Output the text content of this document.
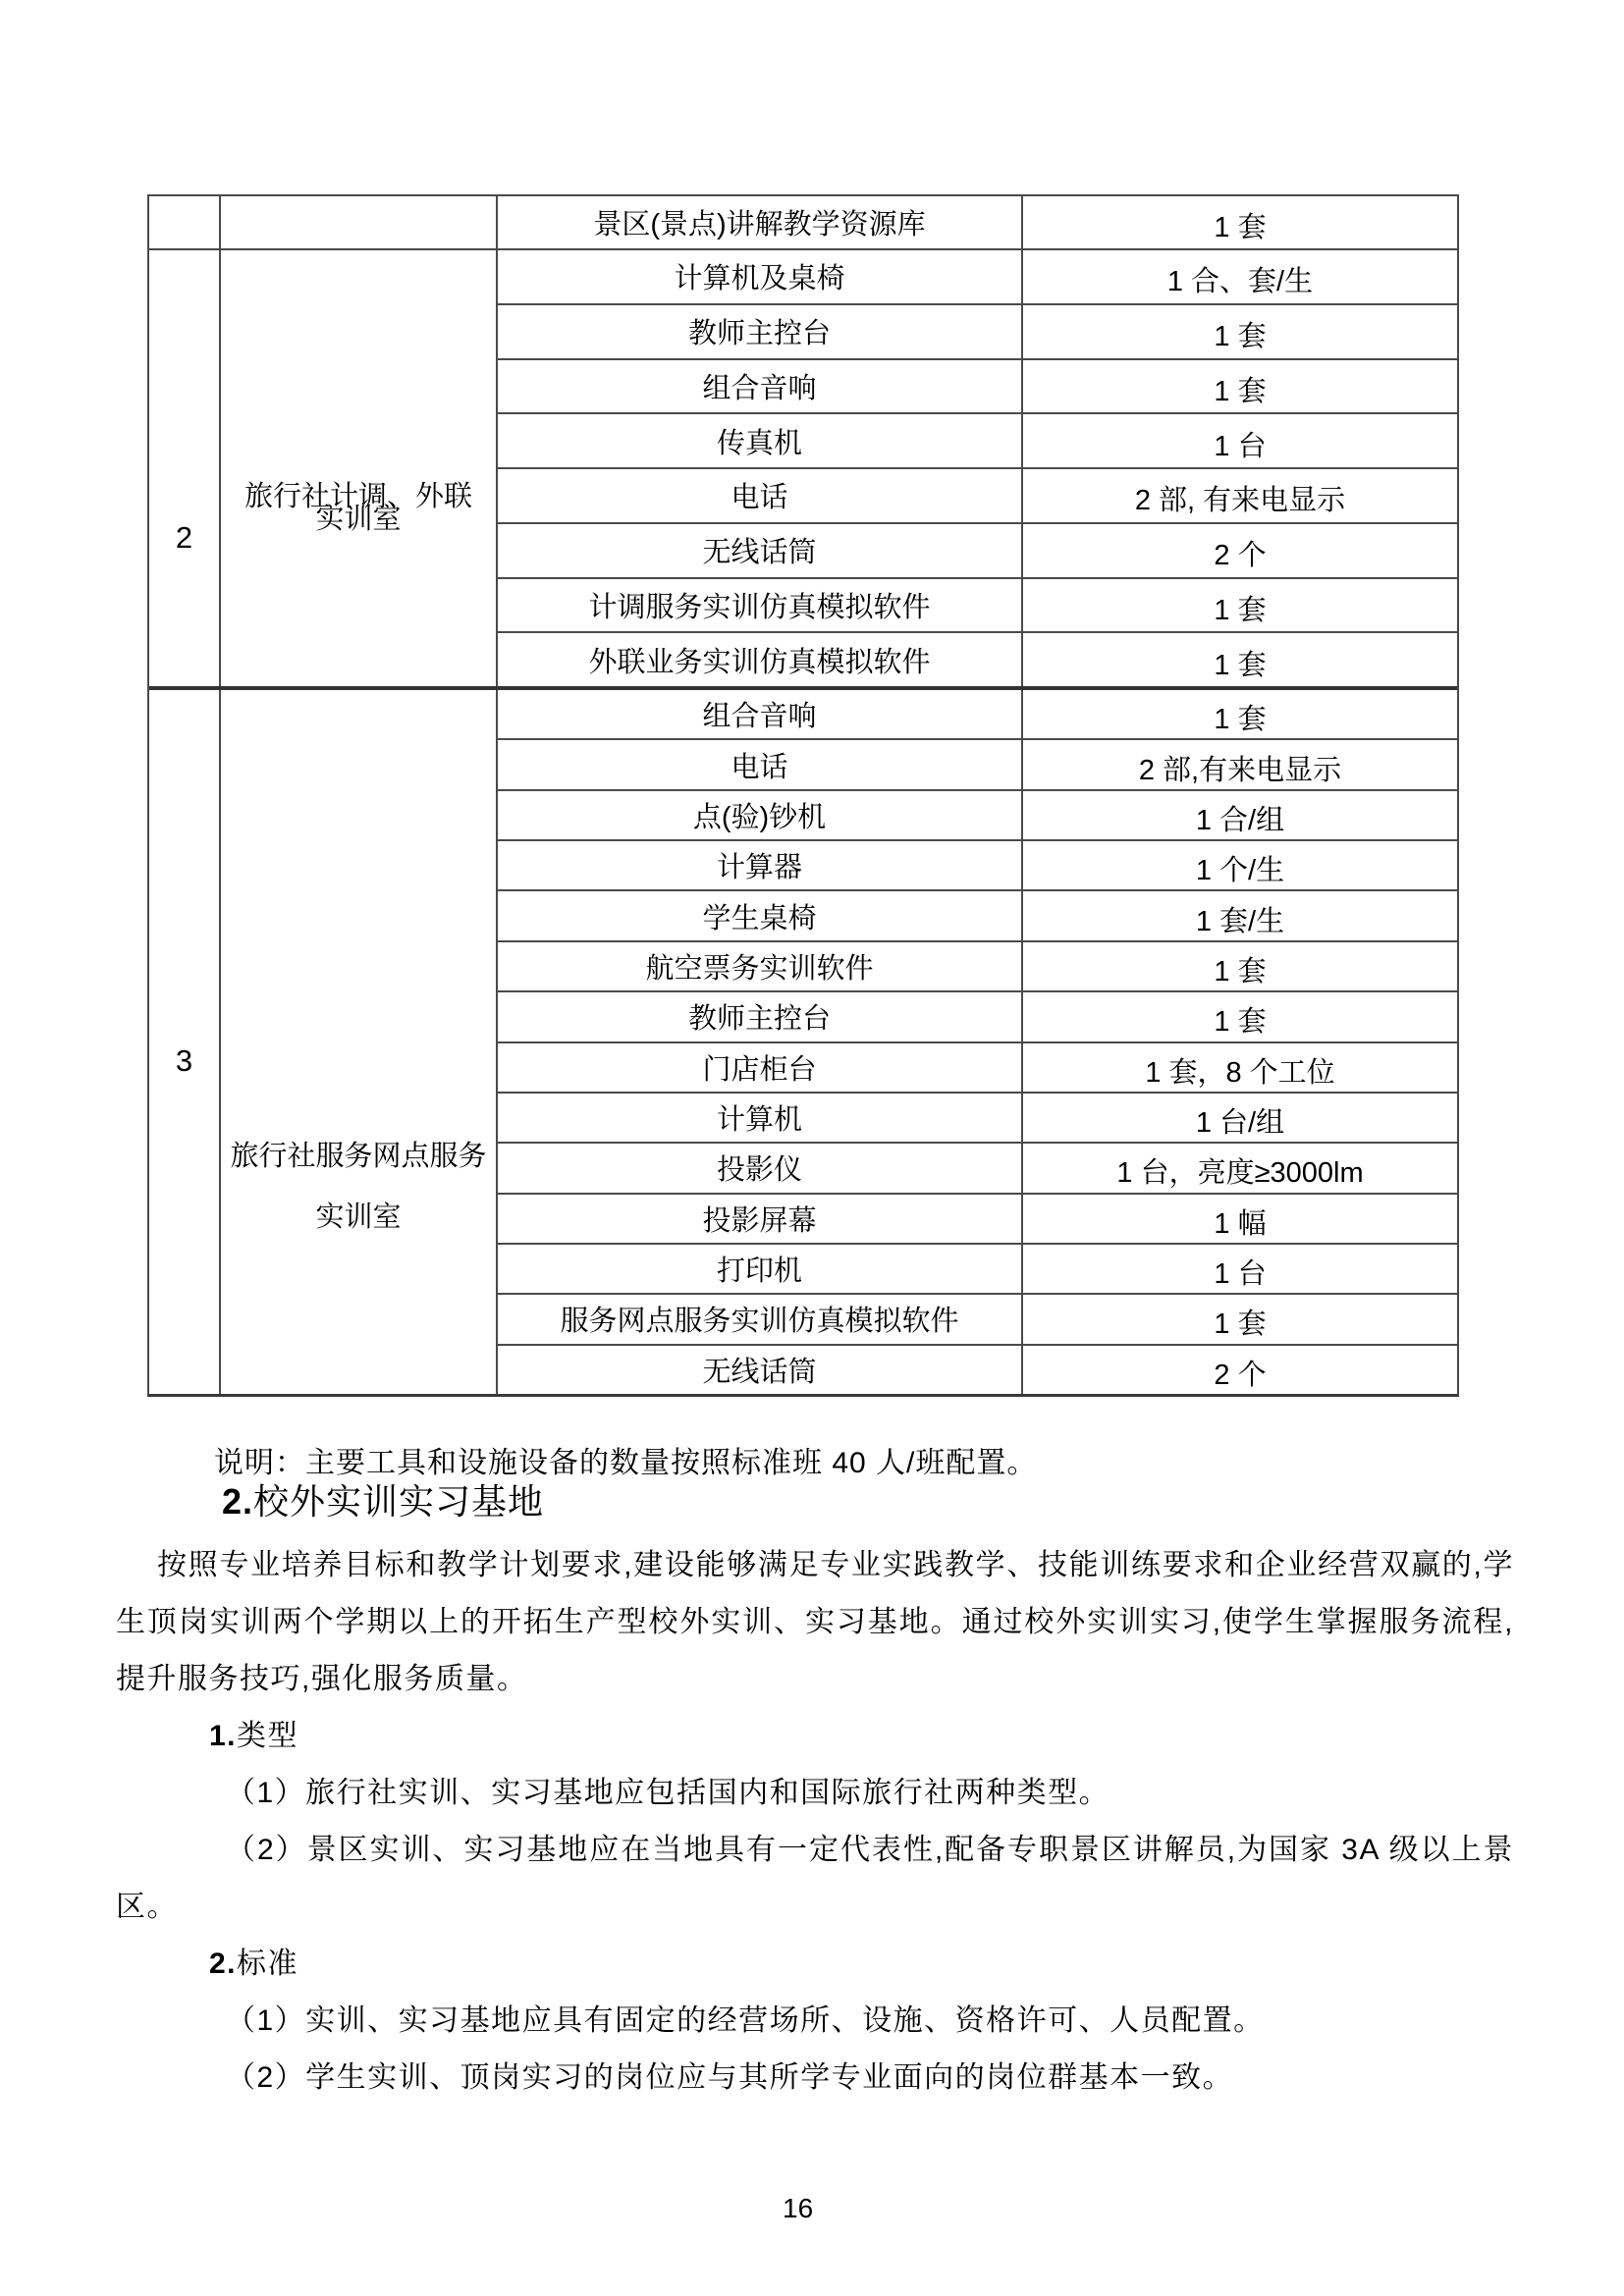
景区(景点)讲解教学资源库	1 套
2
旅行社计调、外联
实训室
计算机及桌椅	1 合、套/生
教师主控台	1 套
组合音响	1 套
传真机	1 台
电话	2 部, 有来电显示
无线话筒	2 个
计调服务实训仿真模拟软件	1 套
外联业务实训仿真模拟软件	1 套
3
旅行社服务网点服务
实训室
组合音响	1 套
电话	2 部,有来电显示
点(验)钞机	1 合/组
计算器	1 个/生
学生桌椅	1 套/生
航空票务实训软件	1 套
教师主控台	1 套
门店柜台	1 套，8 个工位
计算机	1 台/组
投影仪	1 台，亮度≥3000lm
投影屏幕	1 幅
打印机	1 台
服务网点服务实训仿真模拟软件	1 套
无线话筒	2 个
说明：主要工具和设施设备的数量按照标准班 40 人/班配置。
2.校外实训实习基地

按照专业培养目标和教学计划要求,建设能够满足专业实践教学、技能训练要求和企业经营双赢的,学生顶岗实训两个学期以上的开拓生产型校外实训、实习基地。通过校外实训实习,使学生掌握服务流程,提升服务技巧,强化服务质量。

1.类型

（1）旅行社实训、实习基地应包括国内和国际旅行社两种类型。

（2）景区实训、实习基地应在当地具有一定代表性,配备专职景区讲解员,为国家 3A 级以上景区。

2.标准

（1）实训、实习基地应具有固定的经营场所、设施、资格许可、人员配置。

（2）学生实训、顶岗实习的岗位应与其所学专业面向的岗位群基本一致。

16
